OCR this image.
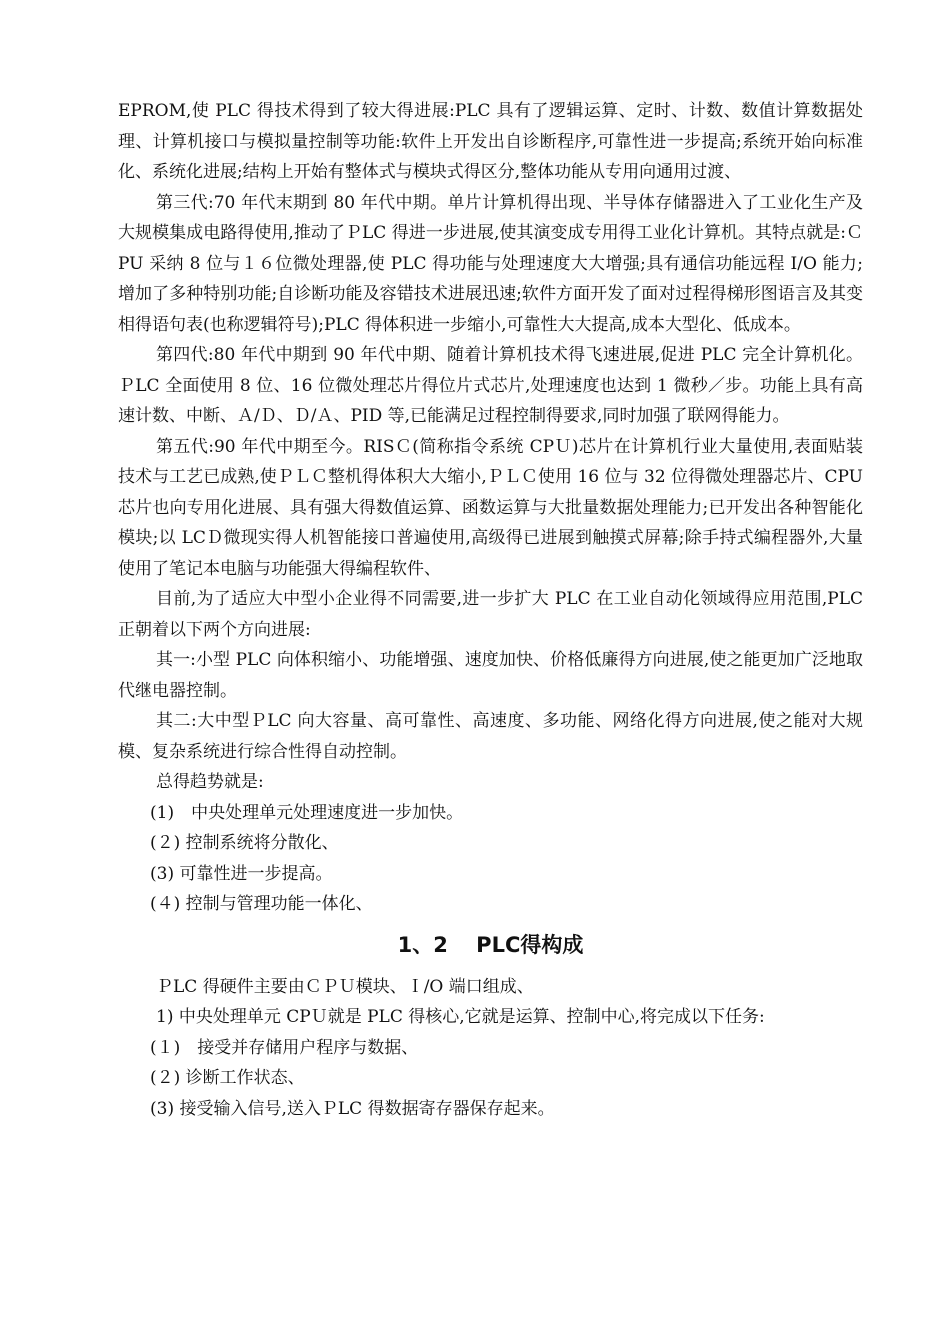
EPROM,使 PLC 得技术得到了较大得进展:PLC 具有了逻辑运算、定时、计数、数值计算数据处理、计算机接口与模拟量控制等功能:软件上开发出自诊断程序,可靠性进一步提高;系统开始向标准化、系统化进展;结构上开始有整体式与模块式得区分,整体功能从专用向通用过渡、

第三代:70 年代末期到 80 年代中期。单片计算机得出现、半导体存储器进入了工业化生产及大规模集成电路得使用,推动了ＰLC 得进一步进展,使其演变成专用得工业化计算机。其特点就是:ＣPU 采纳 8 位与１６位微处理器,使 PLC 得功能与处理速度大大增强;具有通信功能远程 I/O 能力;增加了多种特别功能;自诊断功能及容错技术进展迅速;软件方面开发了面对过程得梯形图语言及其变相得语句表(也称逻辑符号);PLC 得体积进一步缩小,可靠性大大提高,成本大型化、低成本。

第四代:80 年代中期到 90 年代中期、随着计算机技术得飞速进展,促进 PLC 完全计算机化。ＰLC 全面使用 8 位、16 位微处理芯片得位片式芯片,处理速度也达到 1 微秒／步。功能上具有高速计数、中断、Ａ/Ｄ、Ｄ/Ａ、PID 等,已能满足过程控制得要求,同时加强了联网得能力。

第五代:90 年代中期至今。RISＣ(简称指令系统 CPＵ)芯片在计算机行业大量使用,表面贴装技术与工艺已成熟,使ＰＬＣ整机得体积大大缩小,ＰＬＣ使用 16 位与 32 位得微处理器芯片、CPU 芯片也向专用化进展、具有强大得数值运算、函数运算与大批量数据处理能力;已开发出各种智能化模块;以 LCＤ微现实得人机智能接口普遍使用,高级得已进展到触摸式屏幕;除手持式编程器外,大量使用了笔记本电脑与功能强大得编程软件、

目前,为了适应大中型小企业得不同需要,进一步扩大 PLC 在工业自动化领域得应用范围,PLC 正朝着以下两个方向进展:

其一:小型 PLC 向体积缩小、功能增强、速度加快、价格低廉得方向进展,使之能更加广泛地取代继电器控制。

其二:大中型ＰLC 向大容量、高可靠性、高速度、多功能、网络化得方向进展,使之能对大规模、复杂系统进行综合性得自动控制。

总得趋势就是:

(1)　中央处理单元处理速度进一步加快。

(２) 控制系统将分散化、

(3) 可靠性进一步提高。

(４) 控制与管理功能一体化、

1、2　 PLC得构成

ＰLC 得硬件主要由ＣＰＵ模块、Ｉ/O 端口组成、

1) 中央处理单元 CPＵ就是 PLC 得核心,它就是运算、控制中心,将完成以下任务:

(１)　接受并存储用户程序与数据、

(２) 诊断工作状态、

(3) 接受输入信号,送入ＰLC 得数据寄存器保存起来。
